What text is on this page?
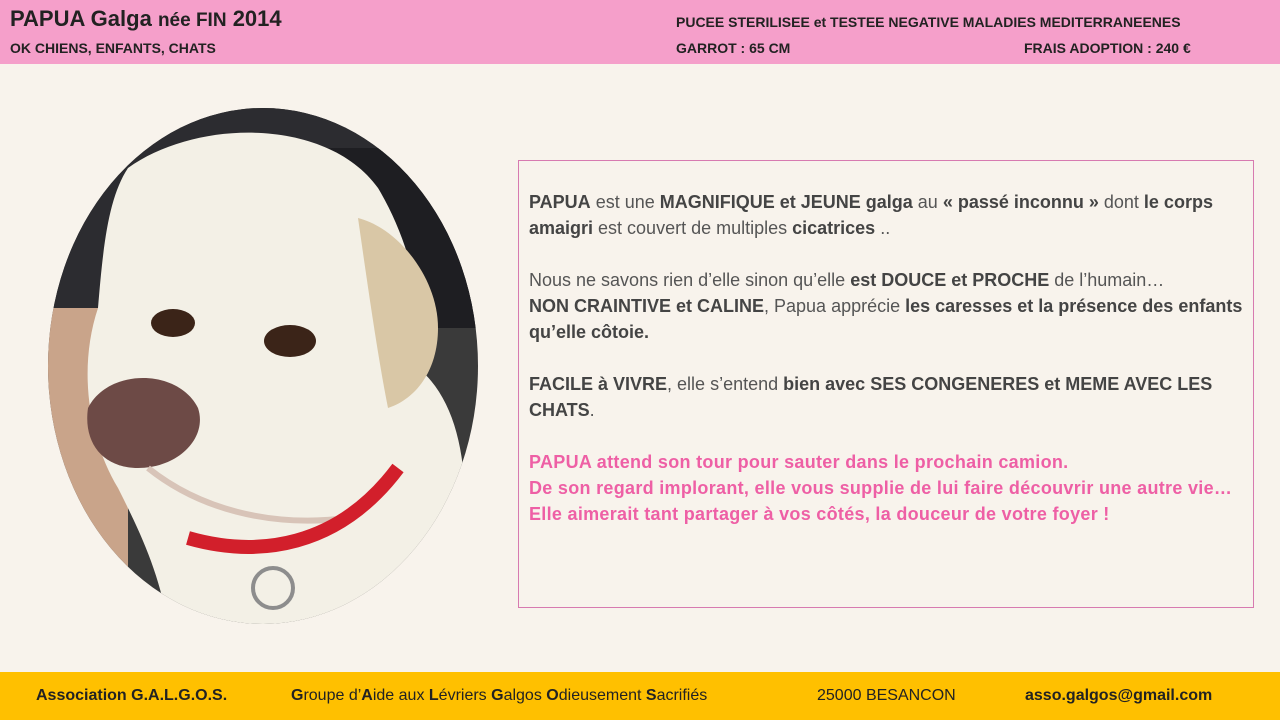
PAPUA Galga née FIN 2014
OK CHIENS, ENFANTS, CHATS
PUCEE STERILISEE et TESTEE NEGATIVE MALADIES MEDITERRANEENES
GARROT : 65 CM	FRAIS ADOPTION : 240 €

PAPUA est une MAGNIFIQUE et JEUNE galga au « passé inconnu » dont le corps amaigri est couvert de multiples cicatrices ..

Nous ne savons rien d’elle sinon qu’elle est DOUCE et PROCHE de l’humain…
NON CRAINTIVE et CALINE, Papua apprécie les caresses et la présence des enfants qu’elle côtoie.

FACILE à VIVRE, elle s’entend bien avec SES CONGENERES et MEME AVEC LES CHATS.

PAPUA attend son tour pour sauter dans le prochain camion.
De son regard implorant, elle vous supplie de lui faire découvrir une autre vie…
Elle aimerait tant partager à vos côtés, la douceur de votre foyer !

Association G.A.L.G.O.S.	Groupe d’Aide aux Lévriers Galgos Odieusement Sacrifiés	25000 BESANCON	asso.galgos@gmail.com
